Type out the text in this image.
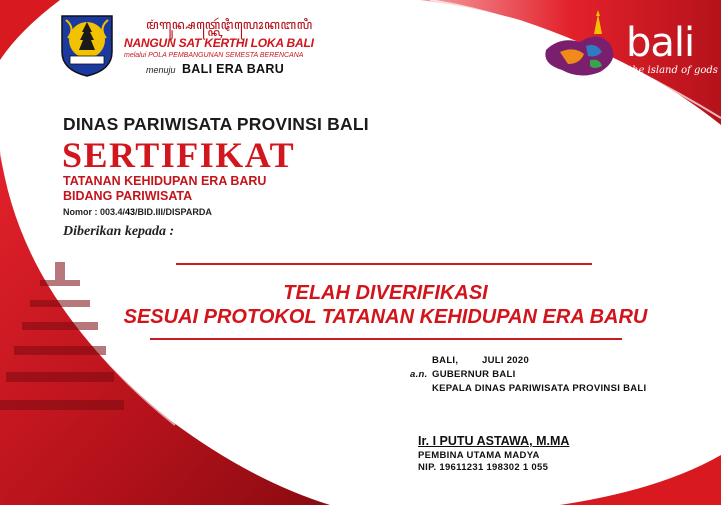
ꦩꦁꦒꦸꦤ꧀ꦱꦠ꧀ꦏꦺꦂꦛꦶꦭꦺꦴꦏꦧꦭꦶ
NANGUN SAT KERTHI LOKA BALI
melalui POLA PEMBANGUNAN SEMESTA BERENCANA
menuju BALI ERA BARU
bali
the island of gods
DINAS PARIWISATA PROVINSI BALI
SERTIFIKAT
TATANAN KEHIDUPAN ERA BARU
BIDANG PARIWISATA
Nomor : 003.4/43/BID.III/DISPARDA
Diberikan kepada :
TELAH DIVERIFIKASI
SESUAI PROTOKOL TATANAN KEHIDUPAN ERA BARU
BALI, JULI 2020
a.n. GUBERNUR BALI
KEPALA DINAS PARIWISATA PROVINSI BALI
Ir. I PUTU ASTAWA, M.MA
PEMBINA UTAMA MADYA
NIP. 19611231 198302 1 055
